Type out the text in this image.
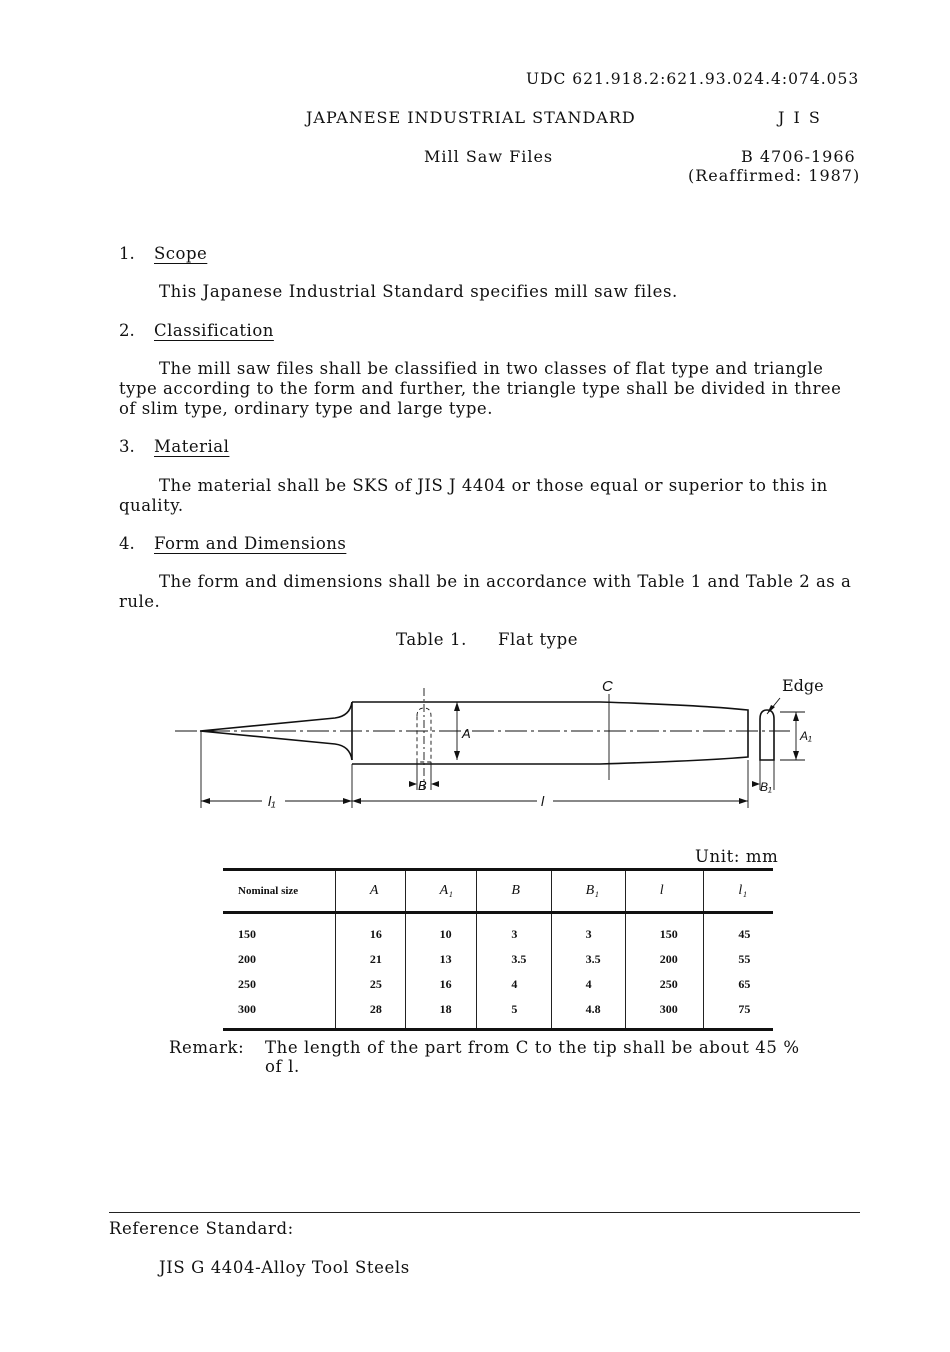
UDC 621.918.2:621.93.024.4:074.053
JAPANESE INDUSTRIAL STANDARD	J I S
Mill Saw Files	B 4706-1966
(Reaffirmed: 1987)
1. Scope
This Japanese Industrial Standard specifies mill saw files.
2. Classification
The mill saw files shall be classified in two classes of flat type and triangle type according to the form and further, the triangle type shall be divided in three of slim type, ordinary type and large type.
3. Material
The material shall be SKS of JIS J 4404 or those equal or superior to this in quality.
4. Form and Dimensions
The form and dimensions shall be in accordance with Table 1 and Table 2 as a rule.
Table 1. Flat type
C
A	A₁
B	B₁
l₁	l
Edge
Unit: mm
Nominal size	A	A₁	B	B₁	l	l₁
150	16	10	3	3	150	45
200	21	13	3.5	3.5	200	55
250	25	16	4	4	250	65
300	28	18	5	4.8	300	75
Remark: The length of the part from C to the tip shall be about 45 %
of l.
Reference Standard:
JIS G 4404-Alloy Tool Steels
